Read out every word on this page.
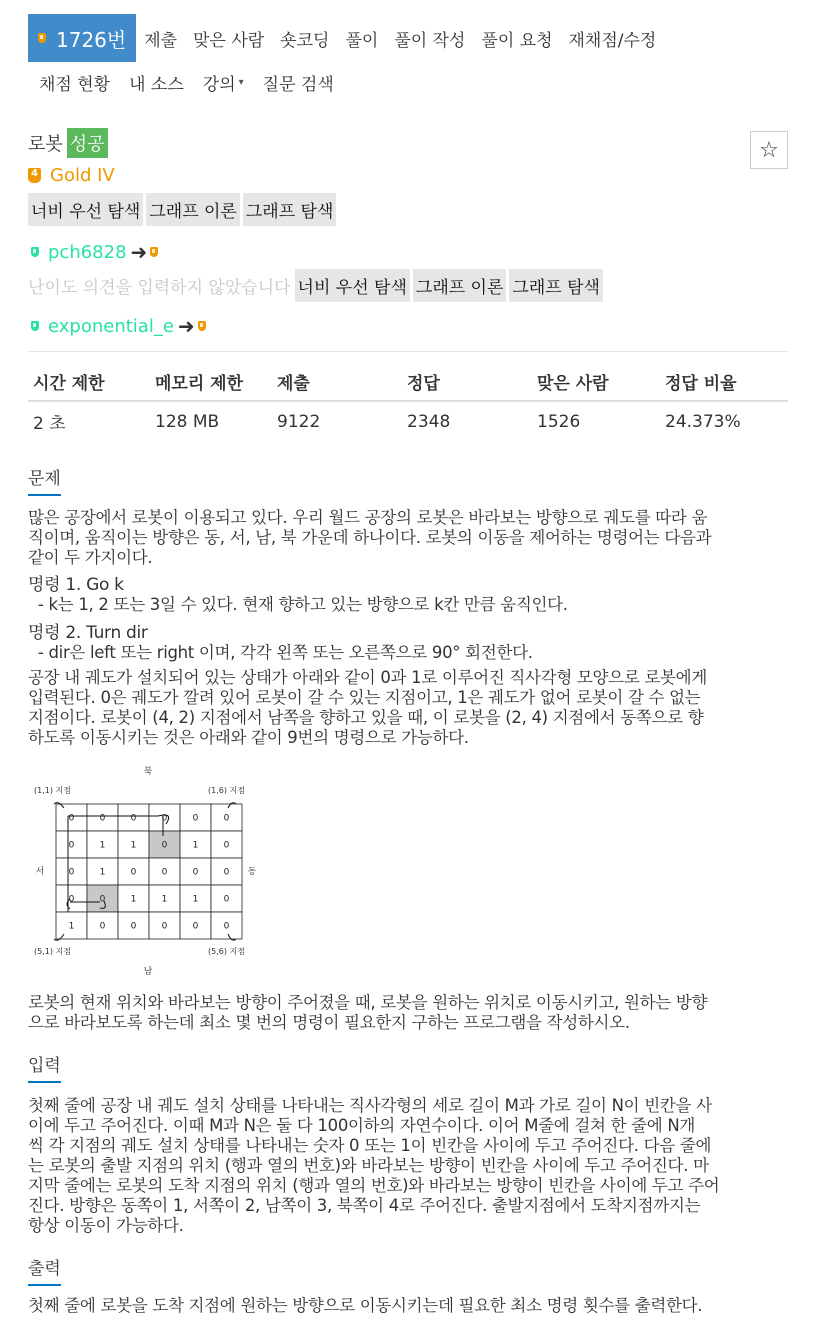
1726번	제출 맞은 사람 숏코딩 풀이 풀이 작성 풀이 요청 재채점/수정
채점 현황	내 소스	강의 ▾	질문 검색
로봇 성공	☆
4
Gold IV
너비 우선 탐색 그래프 이론 그래프 탐색
pch6828 ➜
난이도 의견을 입력하지 않았습니다 너비 우선 탐색 그래프 이론 그래프 탐색
exponential_e ➜
시간 제한	메모리 제한	제출	정답	맞은 사람	정답 비율
2 초	128 MB	9122	2348	1526	24.373%
문제
많은 공장에서 로봇이 이용되고 있다. 우리 월드 공장의 로봇은 바라보는 방향으로 궤도를 따라 움
직이며, 움직이는 방향은 동, 서, 남, 북 가운데 하나이다. 로봇의 이동을 제어하는 명령어는 다음과
같이 두 가지이다.
명령 1. Go k
- k는 1, 2 또는 3일 수 있다. 현재 향하고 있는 방향으로 k칸 만큼 움직인다.
명령 2. Turn dir
- dir은 left 또는 right 이며, 각각 왼쪽 또는 오른쪽으로 90° 회전한다.
공장 내 궤도가 설치되어 있는 상태가 아래와 같이 0과 1로 이루어진 직사각형 모양으로 로봇에게
입력된다. 0은 궤도가 깔려 있어 로봇이 갈 수 있는 지점이고, 1은 궤도가 없어 로봇이 갈 수 없는
지점이다. 로봇이 (4, 2) 지점에서 남쪽을 향하고 있을 때, 이 로봇을 (2, 4) 지점에서 동쪽으로 향
하도록 이동시키는 것은 아래와 같이 9번의 명령으로 가능하다.
북
남
서	동
(1,1) 지점	(1,6) 지점
(5,1) 지점	(5,6) 지점
0	0	0	0	0	0
0	1	1	0	1	0
0	1	0	0	0	0
0	0	1	1	1	0
1	0	0	0	0	0
로봇의 현재 위치와 바라보는 방향이 주어졌을 때, 로봇을 원하는 위치로 이동시키고, 원하는 방향
으로 바라보도록 하는데 최소 몇 번의 명령이 필요한지 구하는 프로그램을 작성하시오.
입력
첫째 줄에 공장 내 궤도 설치 상태를 나타내는 직사각형의 세로 길이 M과 가로 길이 N이 빈칸을 사
이에 두고 주어진다. 이때 M과 N은 둘 다 100이하의 자연수이다. 이어 M줄에 걸쳐 한 줄에 N개
씩 각 지점의 궤도 설치 상태를 나타내는 숫자 0 또는 1이 빈칸을 사이에 두고 주어진다. 다음 줄에
는 로봇의 출발 지점의 위치 (행과 열의 번호)와 바라보는 방향이 빈칸을 사이에 두고 주어진다. 마
지막 줄에는 로봇의 도착 지점의 위치 (행과 열의 번호)와 바라보는 방향이 빈칸을 사이에 두고 주어
진다. 방향은 동쪽이 1, 서쪽이 2, 남쪽이 3, 북쪽이 4로 주어진다. 출발지점에서 도착지점까지는
항상 이동이 가능하다.
출력
첫째 줄에 로봇을 도착 지점에 원하는 방향으로 이동시키는데 필요한 최소 명령 횟수를 출력한다.
